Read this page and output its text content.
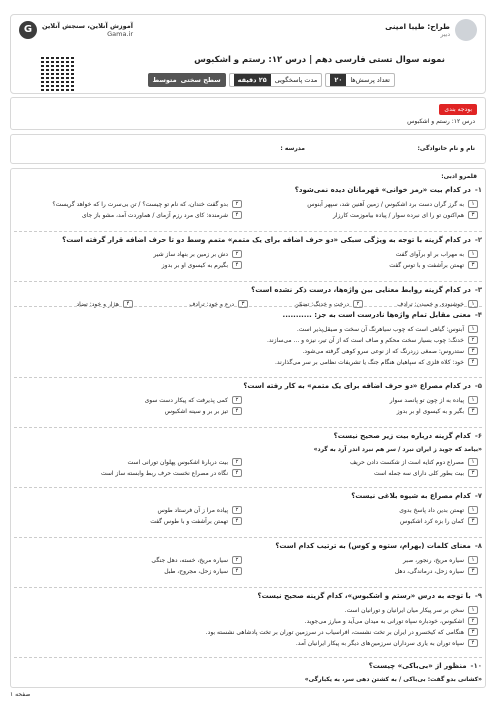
طراح: طیبا امینی
دبیر
آموزش آنلاین، سنجش آنلاین
Gama.ir
G
نمونه سوال تستی فارسی دهم | درس ۱۲: رستم و اشکبوس
تعداد پرسش‌ها
۲۰
مدت پاسخگویی
۲۵ دقیقه
سطح سختی
متوسط
بودجه بندی
درس ۱۲: رستم و اشکبوس
نام و نام خانوادگی:
مدرسه :
قلمرو ادبی:
۱-در کدام بیت «رمز خوانی» قهرمانان دیده نمی‌شود؟
۱
به گرز گران دست برد اشکبوس / زمین آهنین شد، سپهر آبنوس
۲
بدو گفت خندان، که نام تو چیست؟ / تن بی‌سرت را که خواهد گریست؟
۳
هم‌اکنون تو را ای نبرده سوار / پیاده بیاموزمت کارزار
۴
شرمنده: کای مرد رزم آزمای / هماوردت آمد، مشو باز جای
۲-در کدام گزینه با توجه به ویژگی سبکی «دو حرف اضافه برای یک متمم» متمم وسط دو تا حرف اضافه قرار گرفته است؟
۱
به مهراب بر او بر‌آوای گفت
۲
دش بر زمین بر بنهاد ساز شیر
۳
تهمتن برآشفت و با توس گفت
۴
بگیرم به کیسوی او بر بدوز
۳-در کدام گزینه روابط معنایی بین واژه‌ها، درست ذکر نشده است؟
۱
خوشنودی و خمیدن: ترادف
۲
درخت و خدنگ: تضمّن
۳
درع و خود: ترادف
۴
هژار و خود: تضاد
۴-معنی مقابل تمام واژه‌ها نادرست است به جز: ...........
۱
آبنوس: گیاهی است که چوب سیاهرنگ آن سخت و صیقل‌پذیر است.
۲
خدنگ: چوب بسیار سخت محکم و صاف است که از آن تیر، نیزه و ... می‌سازند.
۳
ستدروس: صمغی زردرنگ که از نوعی سرو کوهی گرفته می‌شود.
۴
خود: کلاه فلزی که سپاهیان هنگام جنگ یا تشریفات نظامی بر سر می‌گذارند.
۵-در کدام مصراع «دو حرف اضافه برای یک متمم» به کار رفته است؟
۱
پیاده به از چون تو پانصد سوار
۲
کمی پذیرفت که پیکار دست سوی
۳
بگیر و به کیسوی او بر بدوز
۴
تیز بر بر و سینه اشکبوس
۶-کدام گزینه درباره بیت زیر صحیح نیست؟
«بیامد که جوید ز ایران نبرد / سر هم نبرد اندر آرد به گرد»
۱
مصراع دوم کنایه است از شکست دادن حریف
۲
بیت دربارهٔ اشکبوس پهلوان تورانی است
۳
بیت بطور کلی دارای سه جمله است
۴
نگاه در مصراع نخست حرف ربط وابسته ساز است
۷-کدام مصراع به شیوه بلاغی نیست؟
۱
تهمتن بدین داد پاسخ بدوی
۲
پیاده مرا ز آن فرستاد طوس
۳
کمان را بزه کرد اشکبوس
۴
تهمتن برآشفت و با طوس گفت
۸-معنای کلمات (بهرام، ستوه و کوس) به ترتیب کدام است؟
۱
سیاره مریخ، رنجور، صبر
۲
سیاره مریخ، خسته، دهل جنگی
۳
سیاره زحل، درماندگی، دهل
۴
سیاره زحل، مجروح، طبل
۹-با توجه به درس «رستم و اشکبوس»، کدام گزینه صحیح نیست؟
۱
سخن بر سر پیکار میان ایرانیان و تورانیان است.
۲
اشکبوس، خودباره سپاه تورانی به میدان می‌آید و مبارز می‌جوید.
۳
هنگامی که کیخسرو در ایران بر تخت نشست، افراسیاب در سرزمین توران بر تخت پادشاهی نشسته بود.
۴
سپاه توران به یاری سرداران سرزمین‌های دیگر به پیکار ایرانیان آمد.
۱۰-منظور از «بی‌باکی» چیست؟
«کشانی بدو گفت: بی‌باکی / به کشتن دهی سر، به یکبارگی»
صفحه ۱
